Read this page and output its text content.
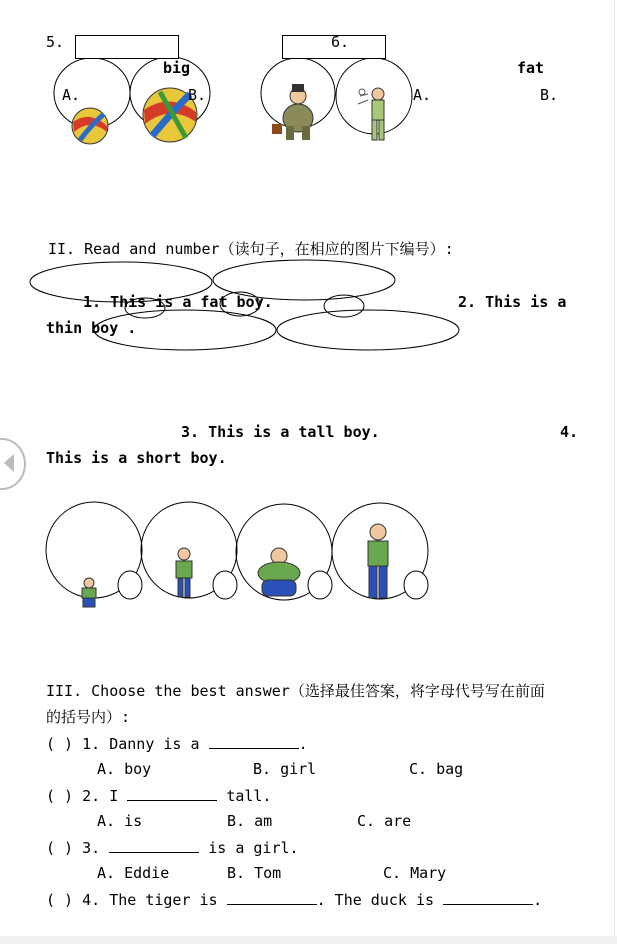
5.	6.
big	fat
A.	B.	A.	B.
II. Read and number（读句子，在相应的图片下编号）:
1. This is a fat boy.	2. This is a
thin boy .
3. This is a tall boy.	4.
This is a short boy.
III. Choose the best answer（选择最佳答案，将字母代号写在前面
的括号内）:
( ) 1. Danny is a	.
A. boy	B. girl	C. bag
( ) 2. I	tall.
A. is	B. am	C. are
( ) 3.	is a girl.
A. Eddie	B. Tom	C. Mary
( ) 4. The tiger is	. The duck is	.
